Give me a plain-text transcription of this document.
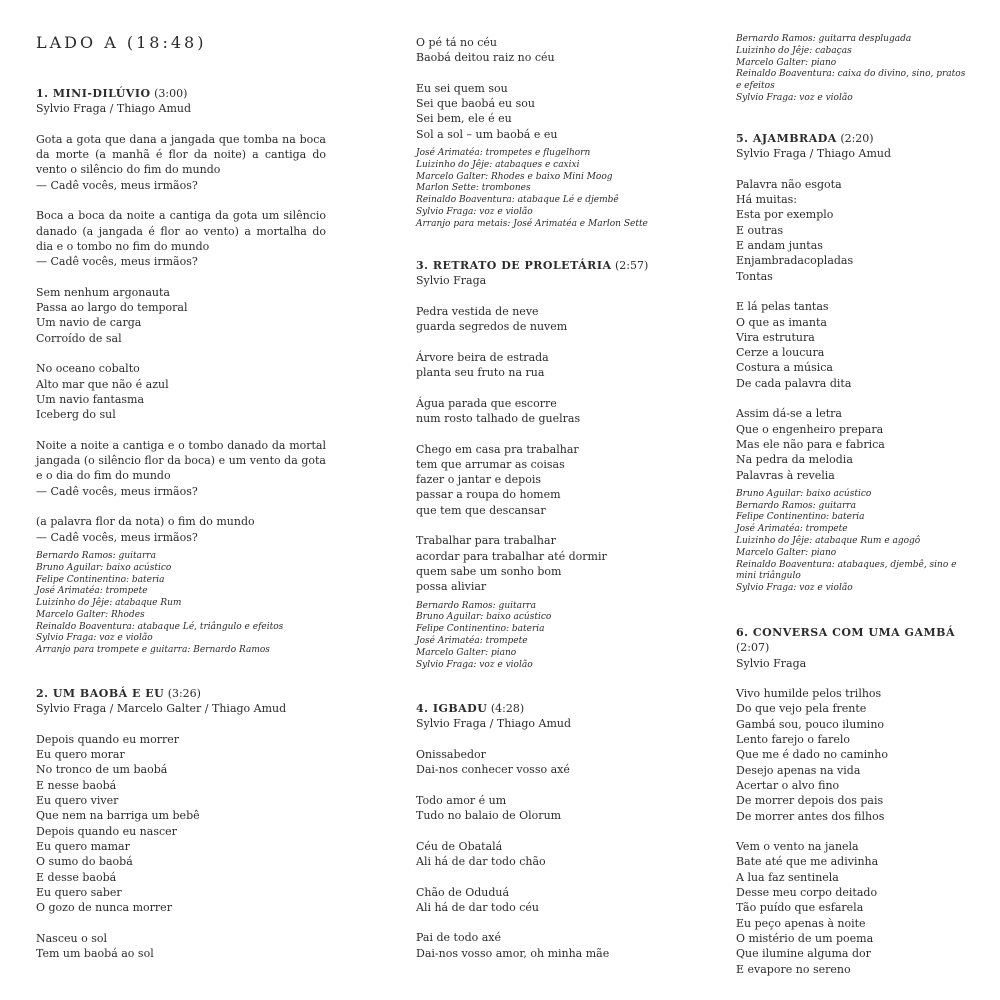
LADO A (18:48)

1. MINI-DILÚVIO (3:00)

Sylvio Fraga / Thiago Amud

Gota a gota que dana a jangada que tomba na boca da morte (a manhã é flor da noite) a cantiga do vento o silêncio do fim do mundo
— Cadê vocês, meus irmãos?
Boca a boca da noite a cantiga da gota um silêncio danado (a jangada é flor ao vento) a mortalha do dia e o tombo no fim do mundo
— Cadê vocês, meus irmãos?
Sem nenhum argonauta
Passa ao largo do temporal
Um navio de carga
Corroído de sal
No oceano cobalto
Alto mar que não é azul
Um navio fantasma
Iceberg do sul
Noite a noite a cantiga e o tombo danado da mortal jangada (o silêncio flor da boca) e um vento da gota e o dia do fim do mundo
— Cadê vocês, meus irmãos?
(a palavra flor da nota) o fim do mundo
— Cadê vocês, meus irmãos?
Bernardo Ramos: guitarra
Bruno Aguilar: baixo acústico
Felipe Continentino: bateria
José Arimatéa: trompete
Luizinho do Jêje: atabaque Rum
Marcelo Galter: Rhodes
Reinaldo Boaventura: atabaque Lé, triângulo e efeitos
Sylvio Fraga: voz e violão
Arranjo para trompete e guitarra: Bernardo Ramos

2. UM BAOBÁ E EU (3:26)

Sylvio Fraga / Marcelo Galter / Thiago Amud

Depois quando eu morrer
Eu quero morar
No tronco de um baobá
E nesse baobá
Eu quero viver
Que nem na barriga um bebê
Depois quando eu nascer
Eu quero mamar
O sumo do baobá
E desse baobá
Eu quero saber
O gozo de nunca morrer
Nasceu o sol
Tem um baobá ao sol
O pé tá no céu
Baobá deitou raiz no céu
Eu sei quem sou
Sei que baobá eu sou
Sei bem, ele é eu
Sol a sol – um baobá e eu
José Arimatéa: trompetes e flugelhorn
Luizinho do Jêje: atabaques e caxixi
Marcelo Galter: Rhodes e baixo Mini Moog
Marlon Sette: trombones
Reinaldo Boaventura: atabaque Lé e djembê
Sylvio Fraga: voz e violão
Arranjo para metais: José Arimatéa e Marlon Sette

3. RETRATO DE PROLETÁRIA (2:57)

Sylvio Fraga

Pedra vestida de neve
guarda segredos de nuvem
Árvore beira de estrada
planta seu fruto na rua
Água parada que escorre
num rosto talhado de guelras
Chego em casa pra trabalhar
tem que arrumar as coisas
fazer o jantar e depois
passar a roupa do homem
que tem que descansar
Trabalhar para trabalhar
acordar para trabalhar até dormir
quem sabe um sonho bom
possa aliviar
Bernardo Ramos: guitarra
Bruno Aguilar: baixo acústico
Felipe Continentino: bateria
José Arimatéa: trompete
Marcelo Galter: piano
Sylvio Fraga: voz e violão

4. IGBADU (4:28)

Sylvio Fraga / Thiago Amud

Onissabedor
Dai-nos conhecer vosso axé
Todo amor é um
Tudo no balaio de Olorum
Céu de Obatalá
Ali há de dar todo chão
Chão de Oduduá
Ali há de dar todo céu
Pai de todo axé
Dai-nos vosso amor, oh minha mãe
Bernardo Ramos: guitarra desplugada
Luizinho do Jêje: cabaças
Marcelo Galter: piano
Reinaldo Boaventura: caixa do divino, sino, pratos e efeitos
Sylvio Fraga: voz e violão

5. AJAMBRADA (2:20)

Sylvio Fraga / Thiago Amud

Palavra não esgota
Há muitas:
Esta por exemplo
E outras
E andam juntas
Enjambradacopladas
Tontas
E lá pelas tantas
O que as imanta
Vira estrutura
Cerze a loucura
Costura a música
De cada palavra dita
Assim dá-se a letra
Que o engenheiro prepara
Mas ele não para e fabrica
Na pedra da melodia
Palavras à revelia
Bruno Aguilar: baixo acústico
Bernardo Ramos: guitarra
Felipe Continentino: bateria
José Arimatéa: trompete
Luizinho do Jêje: atabaque Rum e agogô
Marcelo Galter: piano
Reinaldo Boaventura: atabaques, djembê, sino e mini triângulo
Sylvio Fraga: voz e violão

6. CONVERSA COM UMA GAMBÁ (2:07)

Sylvio Fraga

Vivo humilde pelos trilhos
Do que vejo pela frente
Gambá sou, pouco ilumino
Lento farejo o farelo
Que me é dado no caminho
Desejo apenas na vida
Acertar o alvo fino
De morrer depois dos pais
De morrer antes dos filhos
Vem o vento na janela
Bate até que me adivinha
A lua faz sentinela
Desse meu corpo deitado
Tão puído que esfarela
Eu peço apenas à noite
O mistério de um poema
Que ilumine alguma dor
E evapore no sereno
